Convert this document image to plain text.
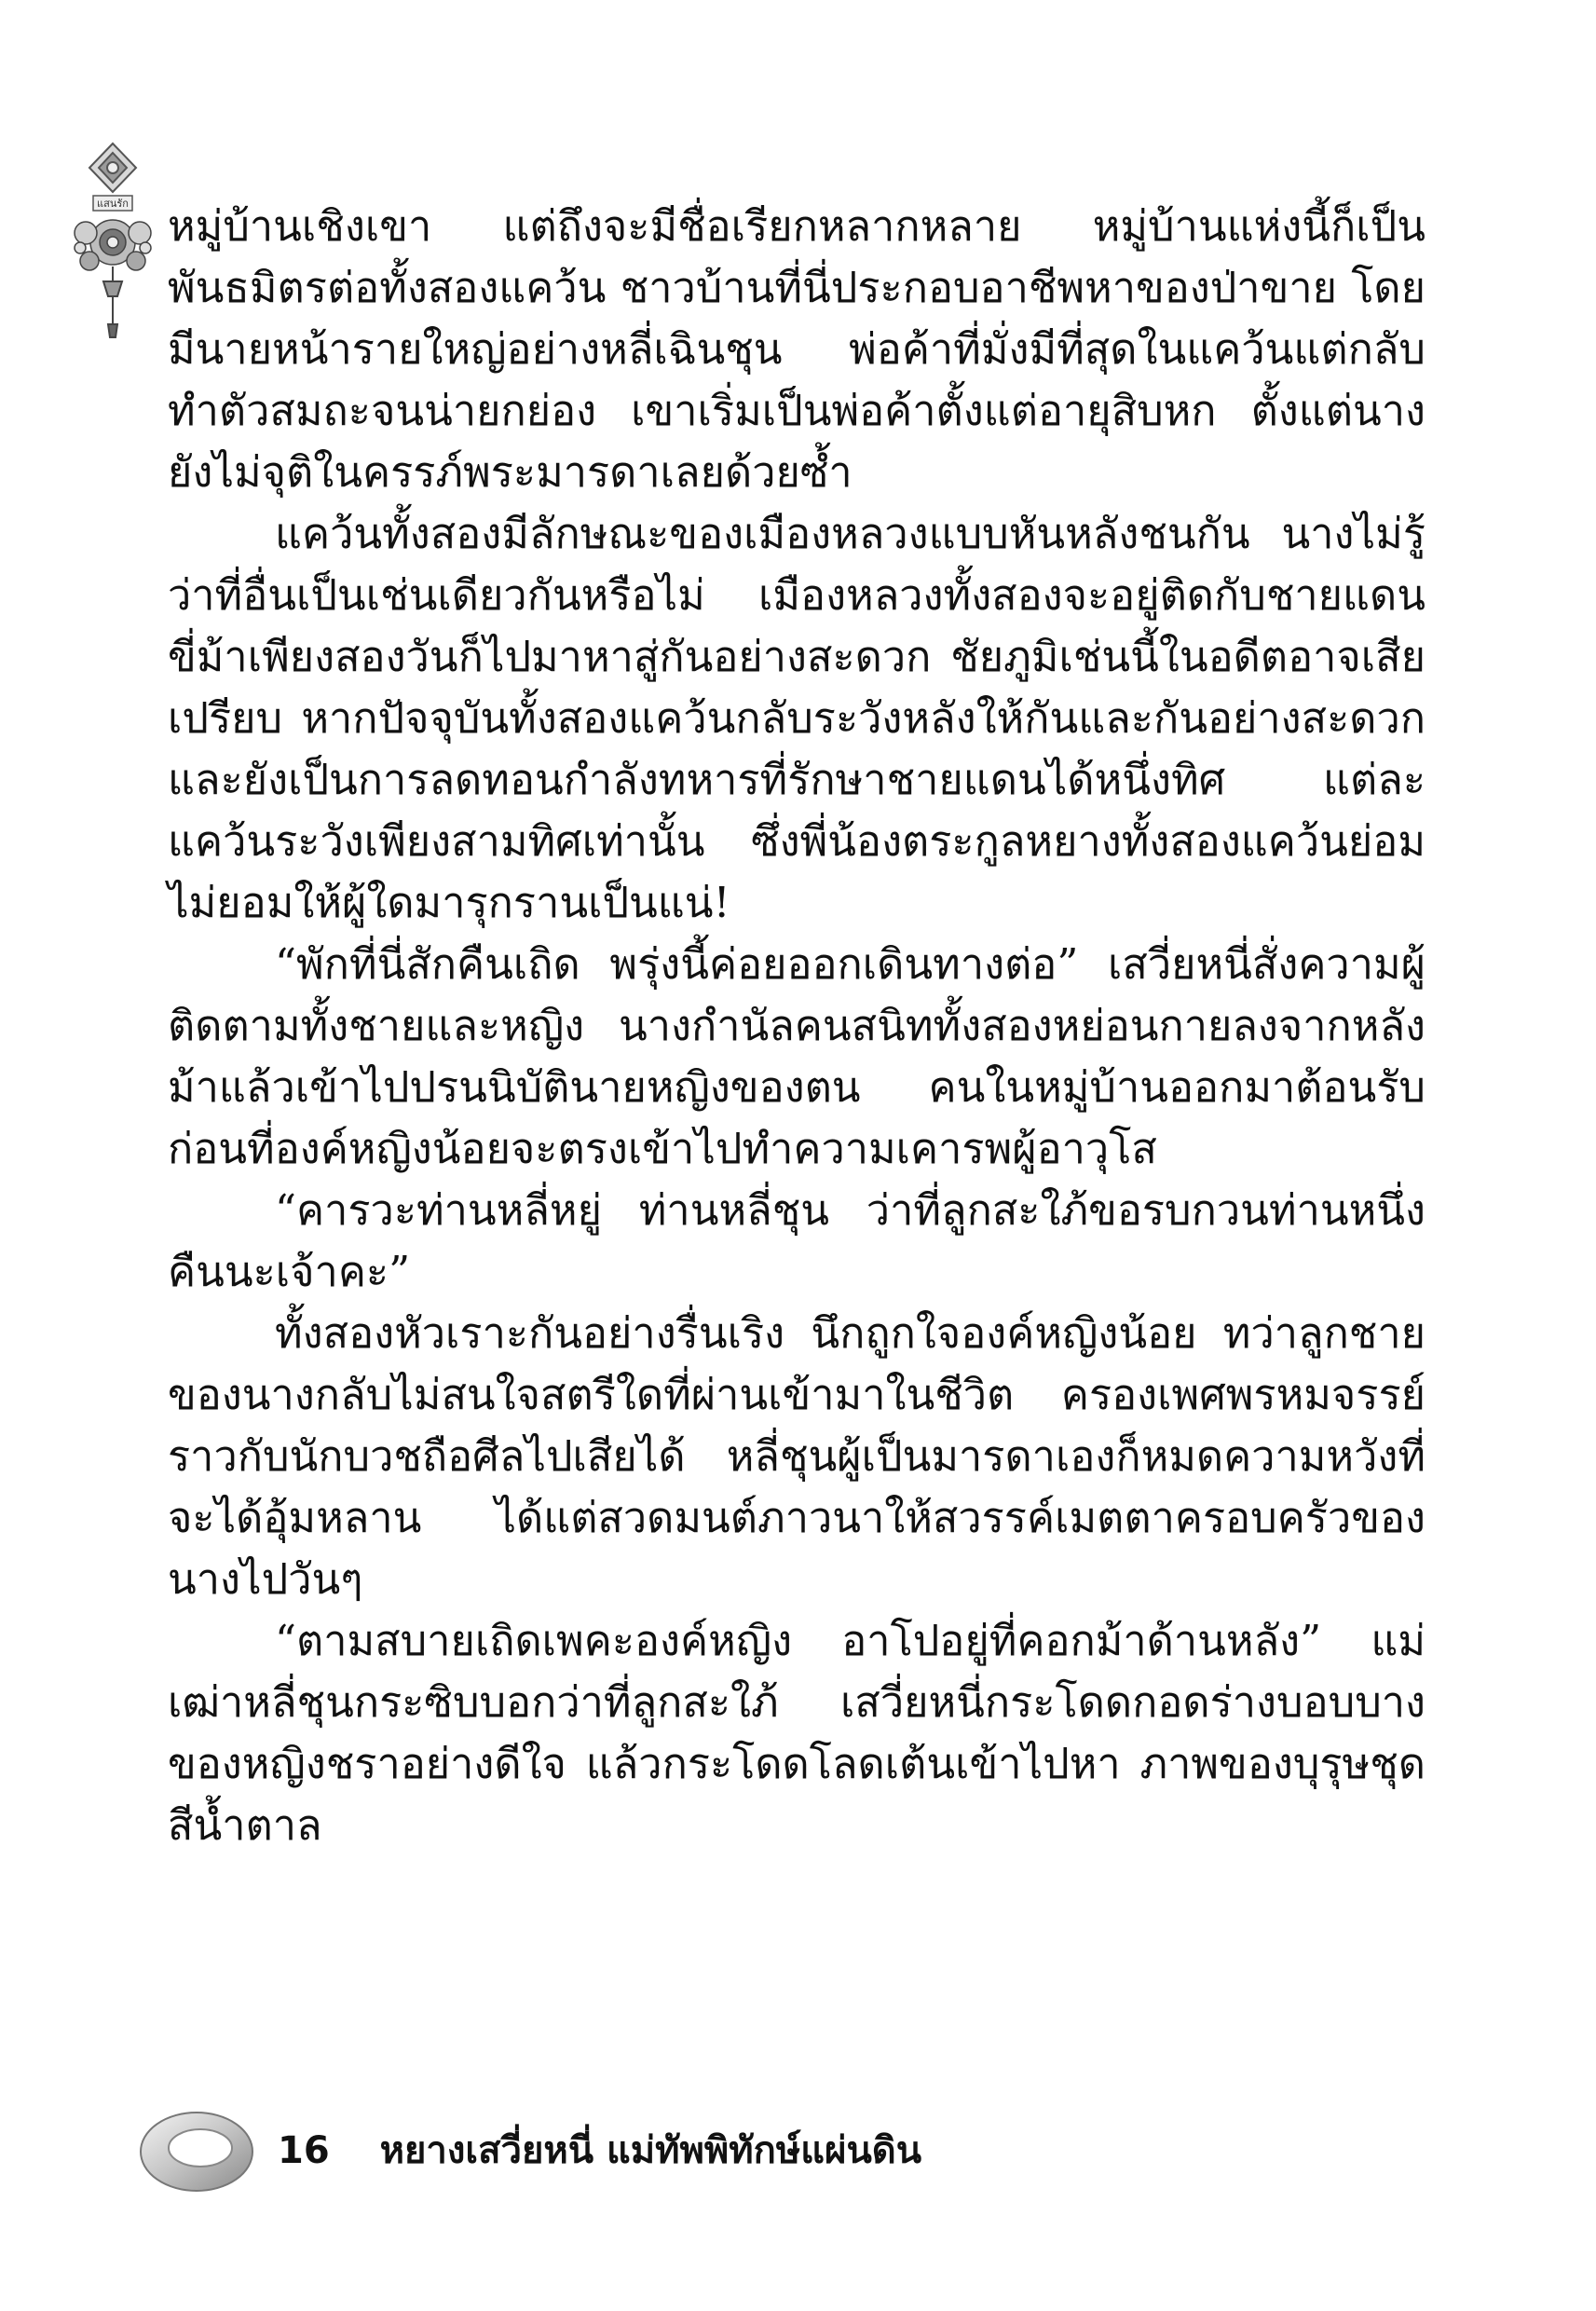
แสนรัก หมู่บ้านเชิงเขา แต่ถึงจะมีชื่อเรียกหลากหลาย หมู่บ้านแห่งนี้ก็เป็นพันธมิตรต่อทั้งสองแคว้น ชาวบ้านที่นี่ประกอบอาชีพหาของป่าขาย โดยมีนายหน้ารายใหญ่อย่างหลี่เฉินชุน พ่อค้าที่มั่งมีที่สุดในแคว้นแต่กลับทำตัวสมถะจนน่ายกย่อง เขาเริ่มเป็นพ่อค้าตั้งแต่อายุสิบหก ตั้งแต่นางยังไม่จุติในครรภ์พระมารดาเลยด้วยซ้ำ

แคว้นทั้งสองมีลักษณะของเมืองหลวงแบบหันหลังชนกัน นางไม่รู้ว่าที่อื่นเป็นเช่นเดียวกันหรือไม่ เมืองหลวงทั้งสองจะอยู่ติดกับชายแดน ขี่ม้าเพียงสองวันก็ไปมาหาสู่กันอย่างสะดวก ชัยภูมิเช่นนี้ในอดีตอาจเสียเปรียบ หากปัจจุบันทั้งสองแคว้นกลับระวังหลังให้กันและกันอย่างสะดวก และยังเป็นการลดทอนกำลังทหารที่รักษาชายแดนได้หนึ่งทิศ แต่ละแคว้นระวังเพียงสามทิศเท่านั้น ซึ่งพี่น้องตระกูลหยางทั้งสองแคว้นย่อมไม่ยอมให้ผู้ใดมารุกรานเป็นแน่!

“พักที่นี่สักคืนเถิด พรุ่งนี้ค่อยออกเดินทางต่อ” เสวี่ยหนี่สั่งความผู้ติดตามทั้งชายและหญิง นางกำนัลคนสนิททั้งสองหย่อนกายลงจากหลังม้าแล้วเข้าไปปรนนิบัตินายหญิงของตน คนในหมู่บ้านออกมาต้อนรับก่อนที่องค์หญิงน้อยจะตรงเข้าไปทำความเคารพผู้อาวุโส

“คารวะท่านหลี่หยู่ ท่านหลี่ชุน ว่าที่ลูกสะใภ้ขอรบกวนท่านหนึ่งคืนนะเจ้าคะ”

ทั้งสองหัวเราะกันอย่างรื่นเริง นึกถูกใจองค์หญิงน้อย ทว่าลูกชายของนางกลับไม่สนใจสตรีใดที่ผ่านเข้ามาในชีวิต ครองเพศพรหมจรรย์ราวกับนักบวชถือศีลไปเสียได้ หลี่ชุนผู้เป็นมารดาเองก็หมดความหวังที่จะได้อุ้มหลาน ได้แต่สวดมนต์ภาวนาให้สวรรค์เมตตาครอบครัวของนางไปวันๆ

“ตามสบายเถิดเพคะองค์หญิง อาโปอยู่ที่คอกม้าด้านหลัง” แม่เฒ่าหลี่ชุนกระซิบบอกว่าที่ลูกสะใภ้ เสวี่ยหนี่กระโดดกอดร่างบอบบางของหญิงชราอย่างดีใจ แล้วกระโดดโลดเต้นเข้าไปหา ภาพของบุรุษชุดสีน้ำตาล

16 หยางเสวี่ยหนี่ แม่ทัพพิทักษ์แผ่นดิน
